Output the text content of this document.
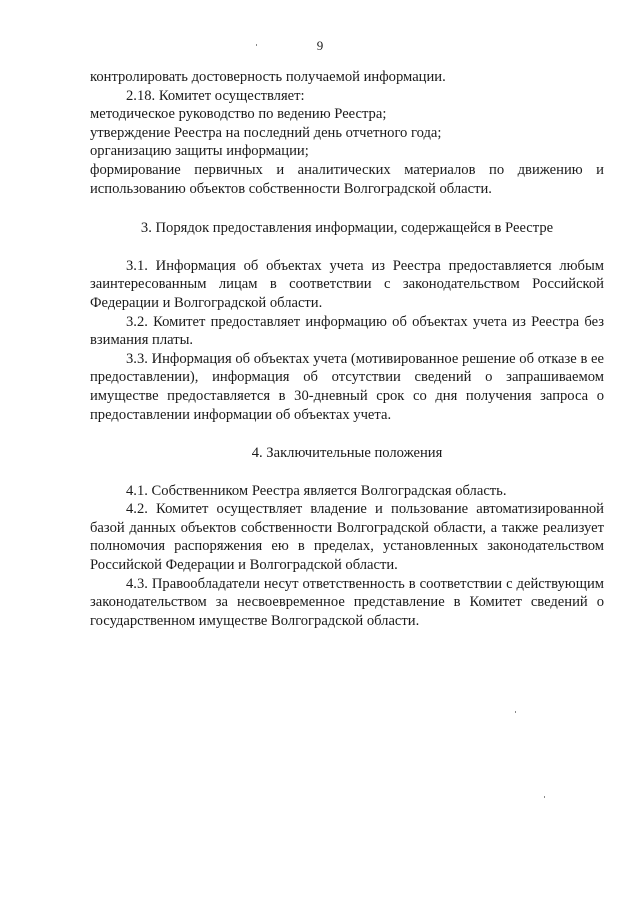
9

контролировать достоверность получаемой информации.

2.18. Комитет осуществляет:

методическое руководство по ведению Реестра;

утверждение Реестра на последний день отчетного года;

организацию защиты информации;

формирование первичных и аналитических материалов по движению и использованию объектов собственности Волгоградской области.

3. Порядок предоставления информации, содержащейся в Реестре

3.1. Информация об объектах учета из Реестра предоставляется любым заинтересованным лицам в соответствии с законодательством Российской Федерации и Волгоградской области.

3.2. Комитет предоставляет информацию об объектах учета из Реестра без взимания платы.

3.3. Информация об объектах учета (мотивированное решение об отказе в ее предоставлении), информация об отсутствии сведений о запрашиваемом имуществе предоставляется в 30-дневный срок со дня получения запроса о предоставлении информации об объектах учета.

4. Заключительные положения

4.1. Собственником Реестра является Волгоградская область.

4.2. Комитет осуществляет владение и пользование автоматизированной базой данных объектов собственности Волгоградской области, а также реализует полномочия распоряжения ею в пределах, установленных законодательством Российской Федерации и Волгоградской области.

4.3. Правообладатели несут ответственность в соответствии с действующим законодательством за несвоевременное представление в Комитет сведений о государственном имуществе Волгоградской области.
